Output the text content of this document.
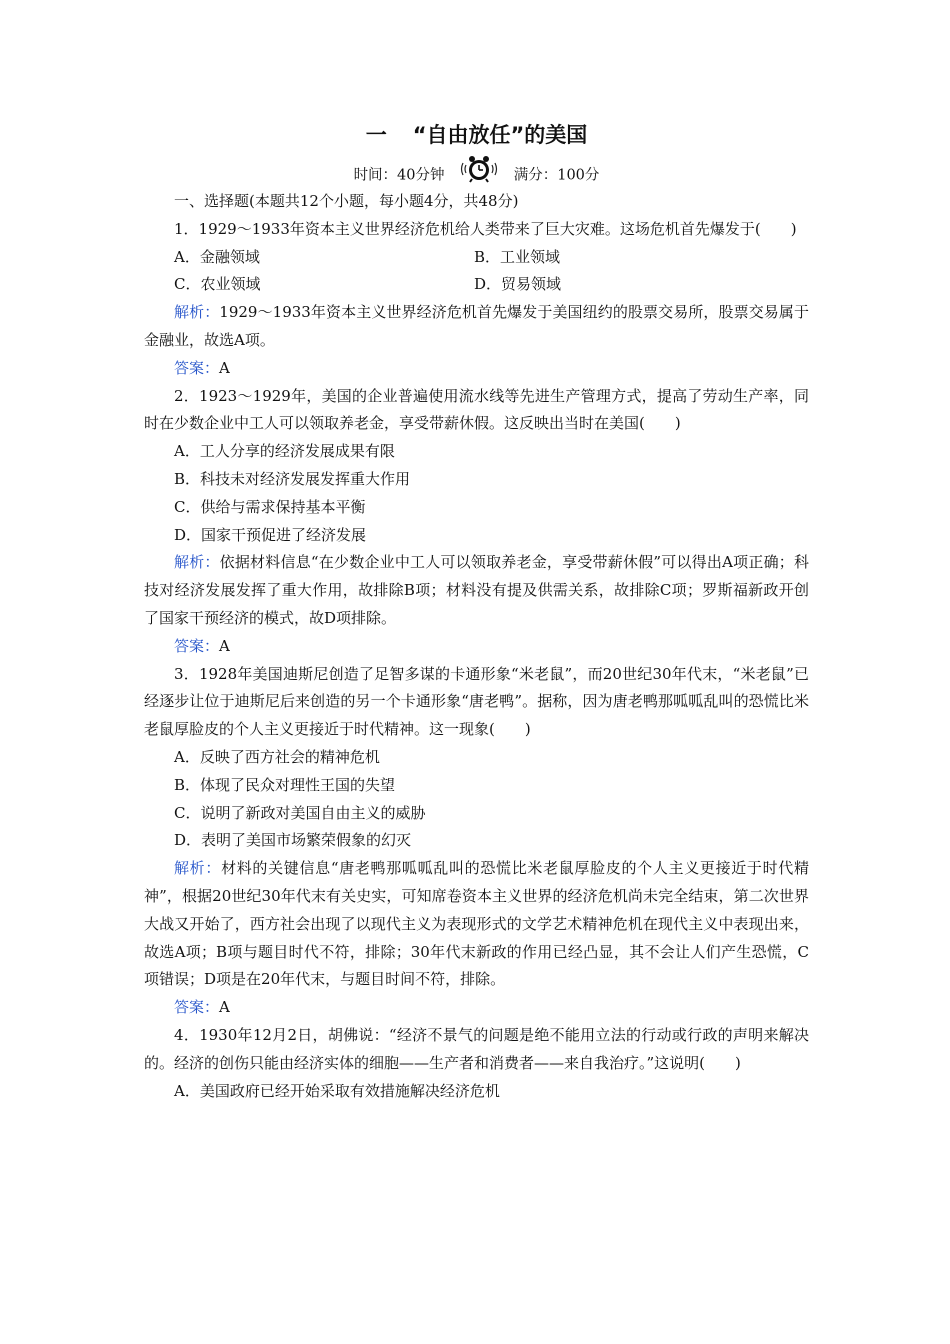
一 “自由放任”的美国
时间：40分钟	满分：100分
一、选择题(本题共12个小题，每小题4分，共48分)
1．1929～1933年资本主义世界经济危机给人类带来了巨大灾难。这场危机首先爆发于(　　)
A．金融领域	B．工业领域
C．农业领域	D．贸易领域
解析：1929～1933年资本主义世界经济危机首先爆发于美国纽约的股票交易所，股票交易属于金融业，故选A项。
答案：A
2．1923～1929年，美国的企业普遍使用流水线等先进生产管理方式，提高了劳动生产率，同时在少数企业中工人可以领取养老金，享受带薪休假。这反映出当时在美国(　　)
A．工人分享的经济发展成果有限
B．科技未对经济发展发挥重大作用
C．供给与需求保持基本平衡
D．国家干预促进了经济发展
解析：依据材料信息“在少数企业中工人可以领取养老金，享受带薪休假”可以得出A项正确；科技对经济发展发挥了重大作用，故排除B项；材料没有提及供需关系，故排除C项；罗斯福新政开创了国家干预经济的模式，故D项排除。
答案：A
3．1928年美国迪斯尼创造了足智多谋的卡通形象“米老鼠”，而20世纪30年代末，“米老鼠”已经逐步让位于迪斯尼后来创造的另一个卡通形象“唐老鸭”。据称，因为唐老鸭那呱呱乱叫的恐慌比米老鼠厚脸皮的个人主义更接近于时代精神。这一现象(　　)
A．反映了西方社会的精神危机
B．体现了民众对理性王国的失望
C．说明了新政对美国自由主义的威胁
D．表明了美国市场繁荣假象的幻灭
解析：材料的关键信息“唐老鸭那呱呱乱叫的恐慌比米老鼠厚脸皮的个人主义更接近于时代精神”，根据20世纪30年代末有关史实，可知席卷资本主义世界的经济危机尚未完全结束，第二次世界大战又开始了，西方社会出现了以现代主义为表现形式的文学艺术精神危机在现代主义中表现出来，故选A项；B项与题目时代不符，排除；30年代末新政的作用已经凸显，其不会让人们产生恐慌，C项错误；D项是在20年代末，与题目时间不符，排除。
答案：A
4．1930年12月2日，胡佛说：“经济不景气的问题是绝不能用立法的行动或行政的声明来解决的。经济的创伤只能由经济实体的细胞——生产者和消费者——来自我治疗。”这说明(　　)
A．美国政府已经开始采取有效措施解决经济危机
